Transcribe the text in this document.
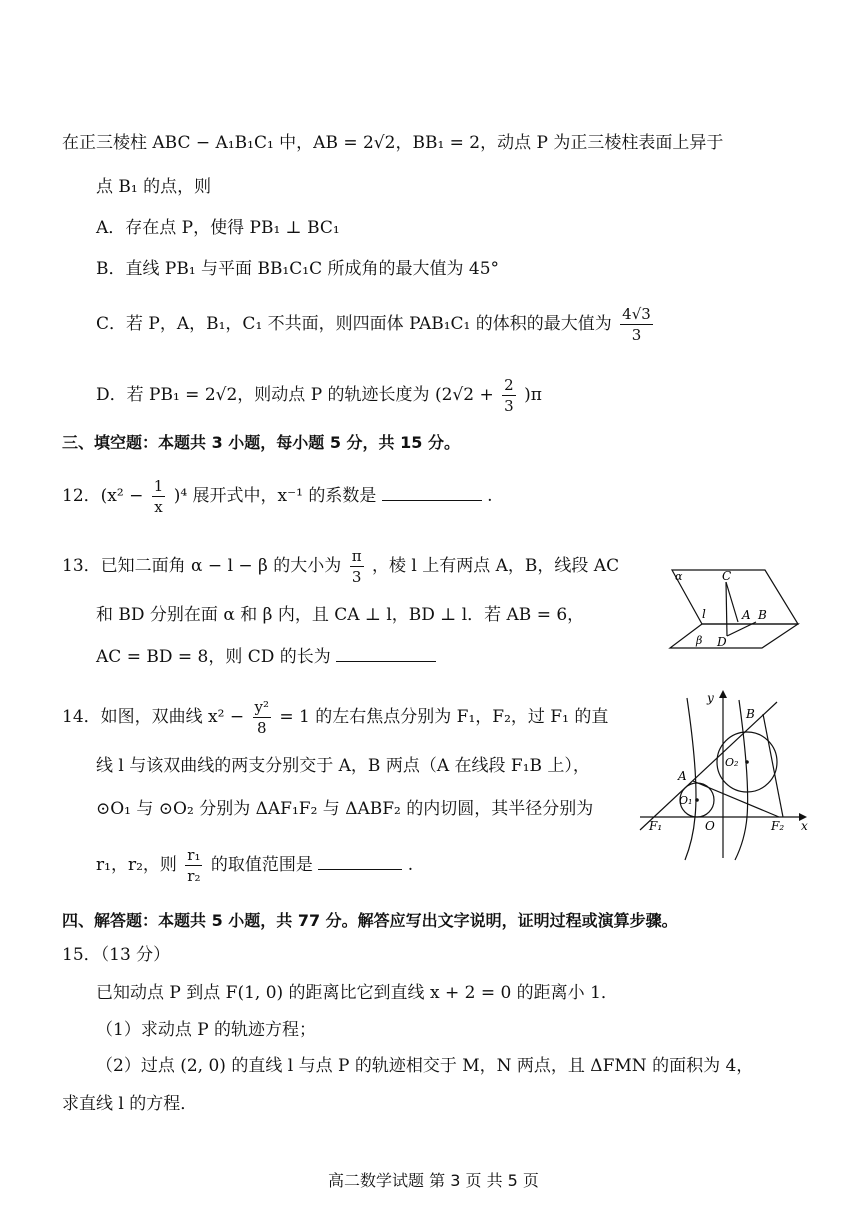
在正三棱柱 ABC − A₁B₁C₁ 中，AB = 2√2，BB₁ = 2，动点 P 为正三棱柱表面上异于
点 B₁ 的点，则
A．存在点 P，使得 PB₁ ⊥ BC₁
B．直线 PB₁ 与平面 BB₁C₁C 所成角的最大值为 45°
C．若 P，A，B₁，C₁ 不共面，则四面体 PAB₁C₁ 的体积的最大值为 $\frac{4√3}{3}$
D．若 PB₁ = 2√2，则动点 P 的轨迹长度为 $(2√2 + \frac{2}{3} )\pi$
三、填空题：本题共 3 小题，每小题 5 分，共 15 分。
12．$(x^2 - \frac{1}{x} )^4$ 展开式中，x⁻¹ 的系数是	.
13．已知二面角 α − l − β 的大小为 $\frac{\pi}{3}$ ，棱 l 上有两点 A，B，线段 AC
和 BD 分别在面 α 和 β 内，且 CA ⊥ l，BD ⊥ l．若 AB = 6，
AC = BD = 8，则 CD 的长为
α	C
l	A B
β D
14．如图，双曲线 $x^2 - \frac{\text{y²}}{8} = 1$ 的左右焦点分别为 F₁，F₂，过 F₁ 的直
线 l 与该双曲线的两支分别交于 A，B 两点（A 在线段 F₁B 上），
⊙O₁ 与 ⊙O₂ 分别为 ΔAF₁F₂ 与 ΔABF₂ 的内切圆，其半径分别为
r₁，r₂，则 $\frac{\text{r₁}}{\text{r₂}}$ 的取值范围是	.
y
x
B
A
O₁
O₂
O
F₁	F₂
四、解答题：本题共 5 小题，共 77 分。解答应写出文字说明，证明过程或演算步骤。
15．（13 分）
已知动点 P 到点 F(1, 0) 的距离比它到直线 x + 2 = 0 的距离小 1．
（1）求动点 P 的轨迹方程；
（2）过点 (2, 0) 的直线 l 与点 P 的轨迹相交于 M，N 两点，且 ΔFMN 的面积为 4，
求直线 l 的方程．
高二数学试题 第 3 页 共 5 页
